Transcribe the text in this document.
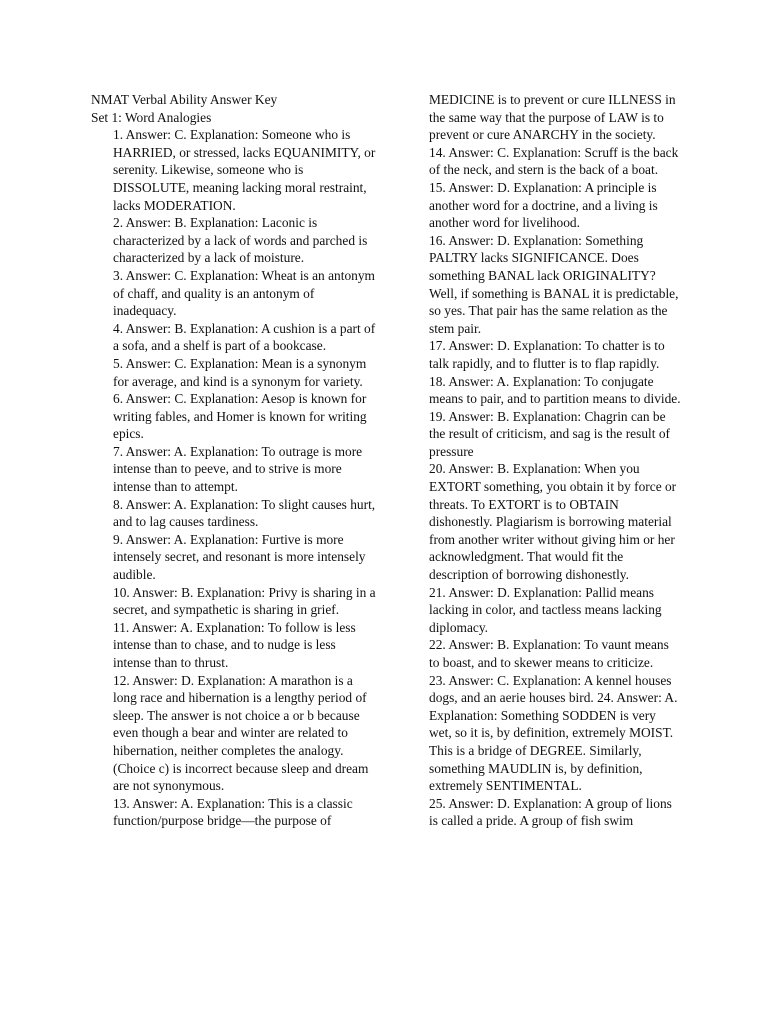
NMAT Verbal Ability Answer Key
Set 1: Word Analogies
1. Answer: C. Explanation: Someone who is HARRIED, or stressed, lacks EQUANIMITY, or serenity. Likewise, someone who is DISSOLUTE, meaning lacking moral restraint, lacks MODERATION.
2. Answer: B. Explanation: Laconic is characterized by a lack of words and parched is characterized by a lack of moisture.
3. Answer: C. Explanation: Wheat is an antonym of chaff, and quality is an antonym of inadequacy.
4. Answer: B. Explanation: A cushion is a part of a sofa, and a shelf is part of a bookcase.
5. Answer: C. Explanation: Mean is a synonym for average, and kind is a synonym for variety.
6. Answer: C. Explanation: Aesop is known for writing fables, and Homer is known for writing epics.
7. Answer: A. Explanation: To outrage is more intense than to peeve, and to strive is more intense than to attempt.
8. Answer: A. Explanation: To slight causes hurt, and to lag causes tardiness.
9. Answer: A. Explanation: Furtive is more intensely secret, and resonant is more intensely audible.
10. Answer: B. Explanation: Privy is sharing in a secret, and sympathetic is sharing in grief.
11. Answer: A. Explanation: To follow is less intense than to chase, and to nudge is less intense than to thrust.
12. Answer: D. Explanation: A marathon is a long race and hibernation is a lengthy period of sleep. The answer is not choice a or b because even though a bear and winter are related to hibernation, neither completes the analogy. (Choice c) is incorrect because sleep and dream are not synonymous.
13. Answer: A. Explanation: This is a classic function/purpose bridge—the purpose of
MEDICINE is to prevent or cure ILLNESS in the same way that the purpose of LAW is to prevent or cure ANARCHY in the society.
14. Answer: C. Explanation: Scruff is the back of the neck, and stern is the back of a boat.
15. Answer: D. Explanation: A principle is another word for a doctrine, and a living is another word for livelihood.
16. Answer: D. Explanation: Something PALTRY lacks SIGNIFICANCE. Does something BANAL lack ORIGINALITY? Well, if something is BANAL it is predictable, so yes. That pair has the same relation as the stem pair.
17. Answer: D. Explanation: To chatter is to talk rapidly, and to flutter is to flap rapidly.
18. Answer: A. Explanation: To conjugate means to pair, and to partition means to divide.
19. Answer: B. Explanation: Chagrin can be the result of criticism, and sag is the result of pressure
20. Answer: B. Explanation: When you EXTORT something, you obtain it by force or threats. To EXTORT is to OBTAIN dishonestly. Plagiarism is borrowing material from another writer without giving him or her acknowledgment. That would fit the description of borrowing dishonestly.
21. Answer: D. Explanation: Pallid means lacking in color, and tactless means lacking diplomacy.
22. Answer: B. Explanation: To vaunt means to boast, and to skewer means to criticize.
23. Answer: C. Explanation: A kennel houses dogs, and an aerie houses bird. 24. Answer: A. Explanation: Something SODDEN is very wet, so it is, by definition, extremely MOIST. This is a bridge of DEGREE. Similarly, something MAUDLIN is, by definition, extremely SENTIMENTAL.
25. Answer: D. Explanation: A group of lions is called a pride. A group of fish swim
